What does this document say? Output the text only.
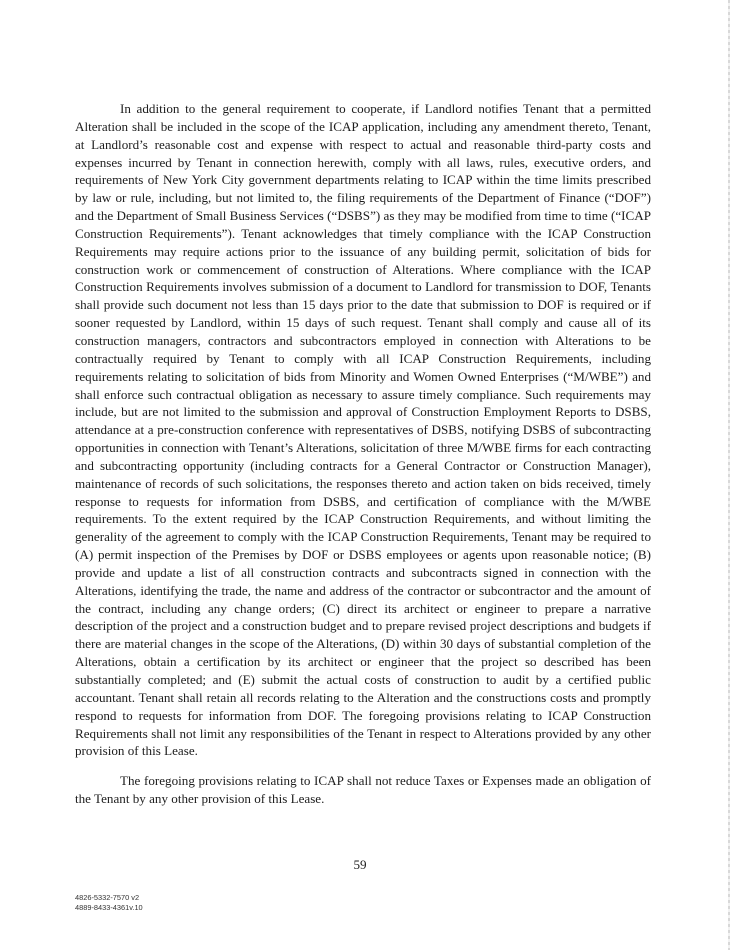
In addition to the general requirement to cooperate, if Landlord notifies Tenant that a permitted Alteration shall be included in the scope of the ICAP application, including any amendment thereto, Tenant, at Landlord’s reasonable cost and expense with respect to actual and reasonable third-party costs and expenses incurred by Tenant in connection herewith, comply with all laws, rules, executive orders, and requirements of New York City government departments relating to ICAP within the time limits prescribed by law or rule, including, but not limited to, the filing requirements of the Department of Finance (“DOF”) and the Department of Small Business Services (“DSBS”) as they may be modified from time to time (“ICAP Construction Requirements”). Tenant acknowledges that timely compliance with the ICAP Construction Requirements may require actions prior to the issuance of any building permit, solicitation of bids for construction work or commencement of construction of Alterations. Where compliance with the ICAP Construction Requirements involves submission of a document to Landlord for transmission to DOF, Tenants shall provide such document not less than 15 days prior to the date that submission to DOF is required or if sooner requested by Landlord, within 15 days of such request. Tenant shall comply and cause all of its construction managers, contractors and subcontractors employed in connection with Alterations to be contractually required by Tenant to comply with all ICAP Construction Requirements, including requirements relating to solicitation of bids from Minority and Women Owned Enterprises (“M/WBE”) and shall enforce such contractual obligation as necessary to assure timely compliance. Such requirements may include, but are not limited to the submission and approval of Construction Employment Reports to DSBS, attendance at a pre-construction conference with representatives of DSBS, notifying DSBS of subcontracting opportunities in connection with Tenant’s Alterations, solicitation of three M/WBE firms for each contracting and subcontracting opportunity (including contracts for a General Contractor or Construction Manager), maintenance of records of such solicitations, the responses thereto and action taken on bids received, timely response to requests for information from DSBS, and certification of compliance with the M/WBE requirements. To the extent required by the ICAP Construction Requirements, and without limiting the generality of the agreement to comply with the ICAP Construction Requirements, Tenant may be required to (A) permit inspection of the Premises by DOF or DSBS employees or agents upon reasonable notice; (B) provide and update a list of all construction contracts and subcontracts signed in connection with the Alterations, identifying the trade, the name and address of the contractor or subcontractor and the amount of the contract, including any change orders; (C) direct its architect or engineer to prepare a narrative description of the project and a construction budget and to prepare revised project descriptions and budgets if there are material changes in the scope of the Alterations, (D) within 30 days of substantial completion of the Alterations, obtain a certification by its architect or engineer that the project so described has been substantially completed; and (E) submit the actual costs of construction to audit by a certified public accountant. Tenant shall retain all records relating to the Alteration and the constructions costs and promptly respond to requests for information from DOF. The foregoing provisions relating to ICAP Construction Requirements shall not limit any responsibilities of the Tenant in respect to Alterations provided by any other provision of this Lease.

The foregoing provisions relating to ICAP shall not reduce Taxes or Expenses made an obligation of the Tenant by any other provision of this Lease.

59
4826-5332-7570 v2
4889-8433-4361v.10
